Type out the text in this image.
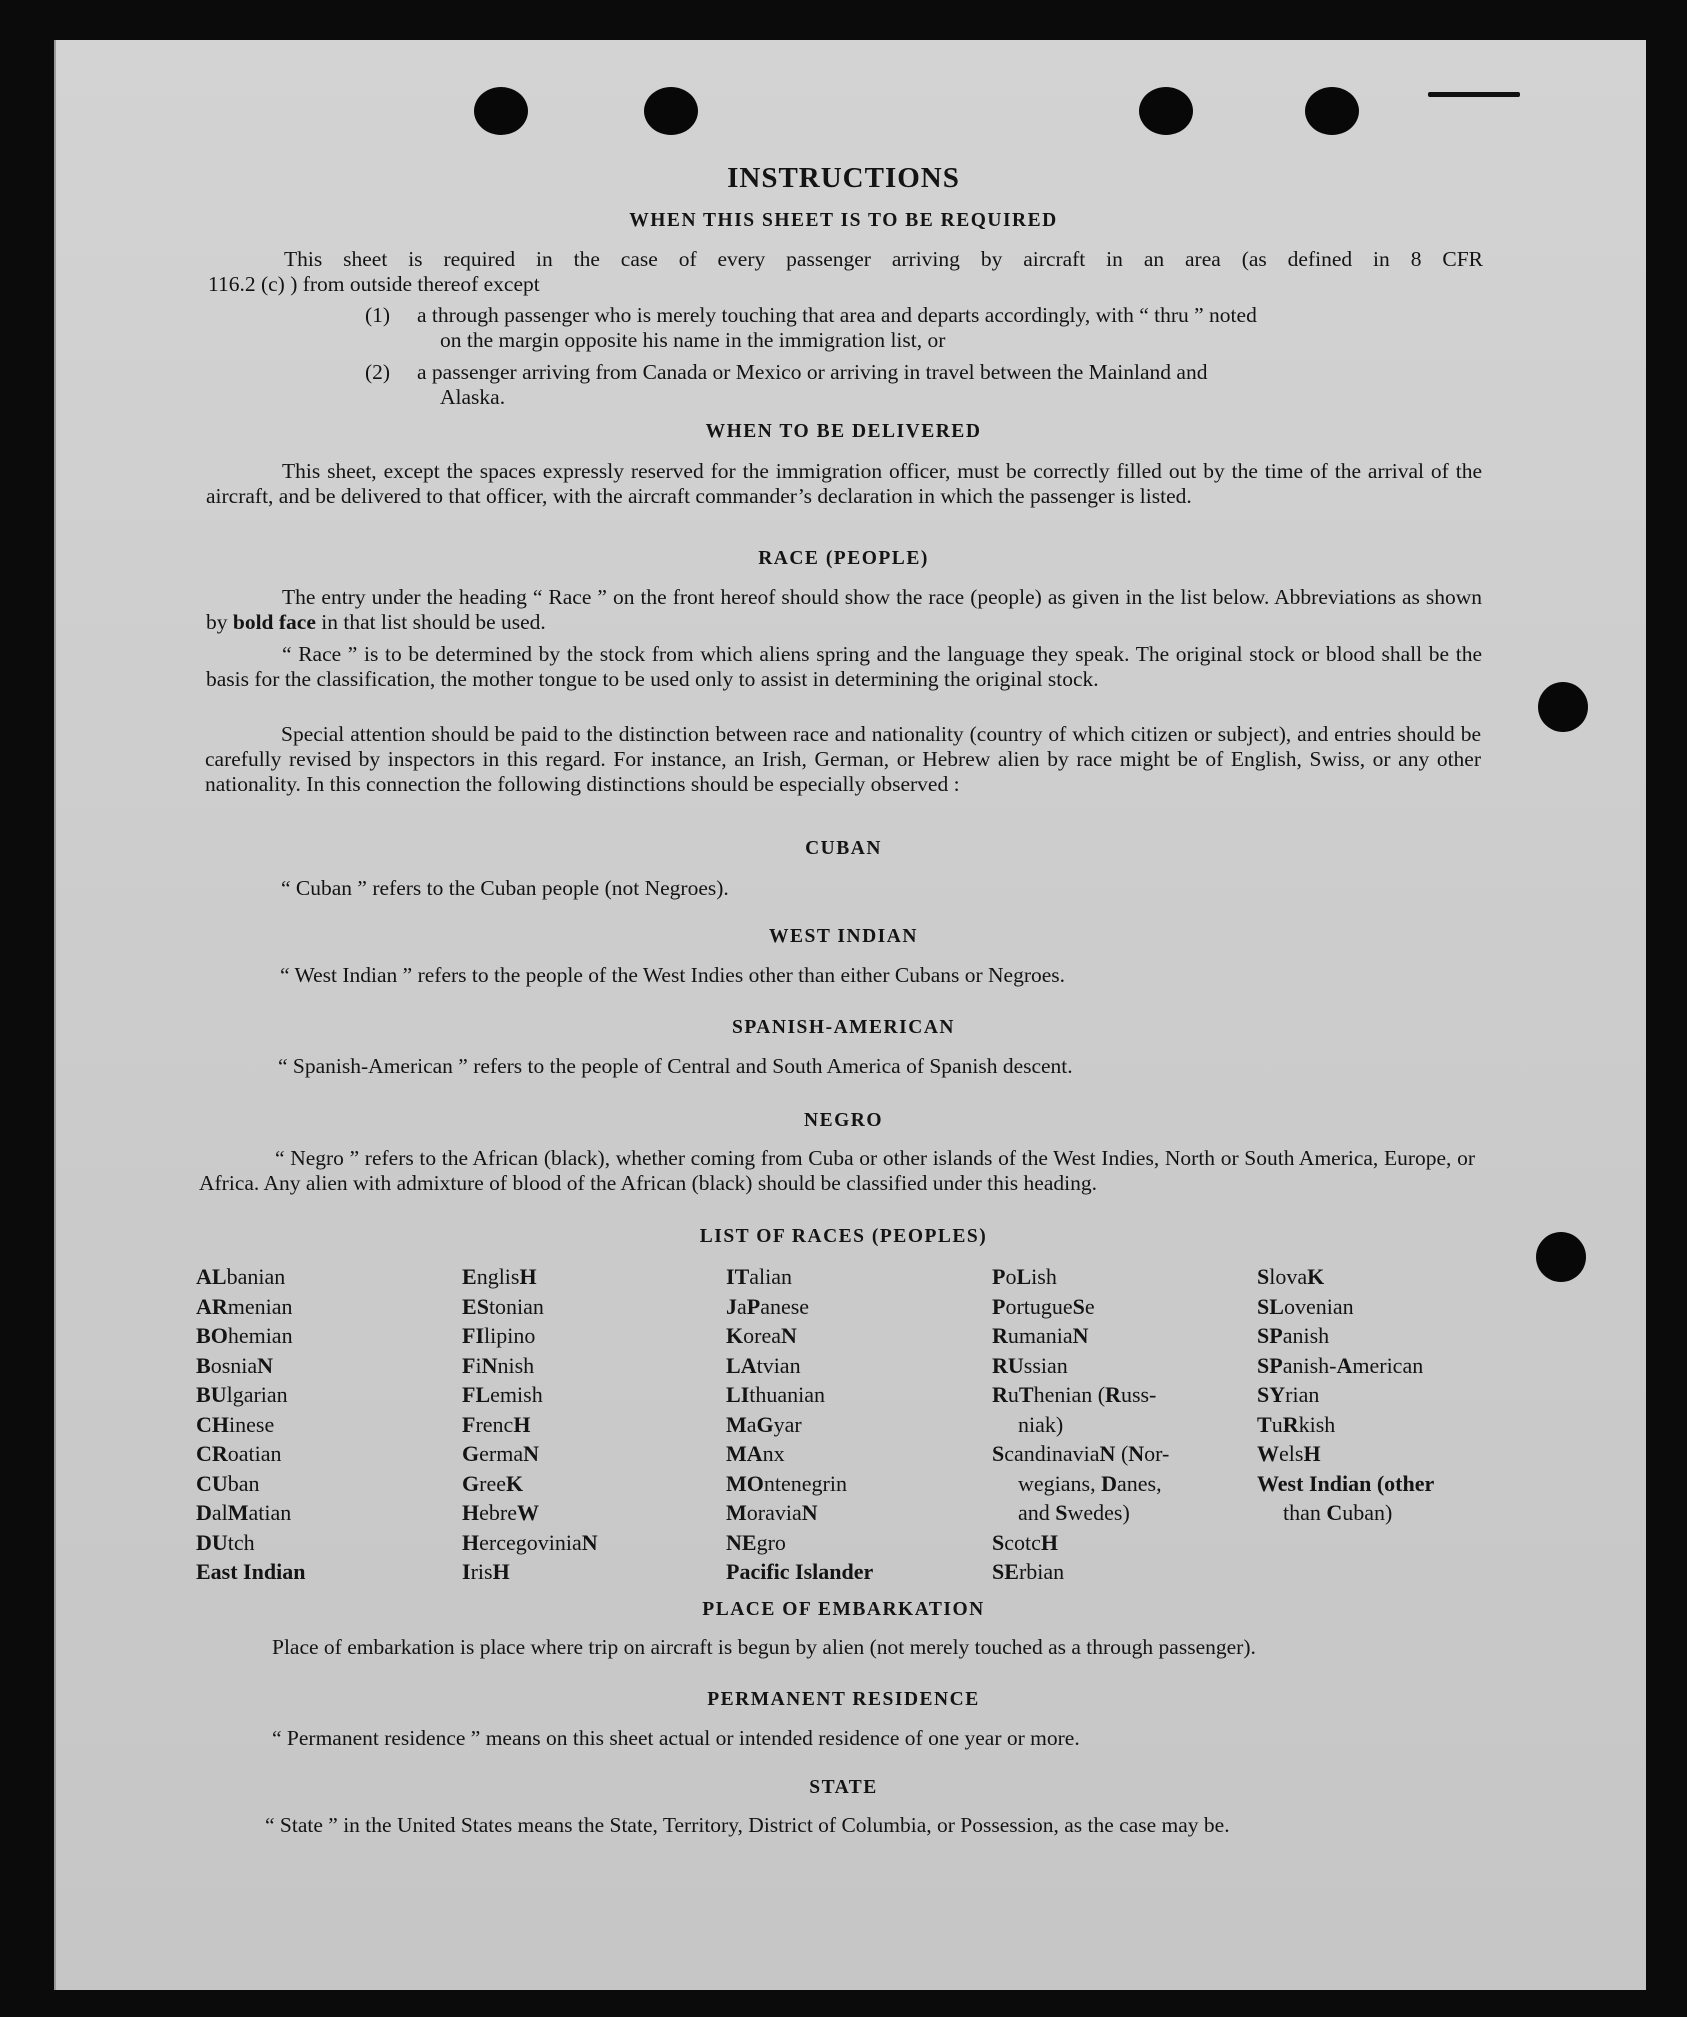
INSTRUCTIONS
WHEN THIS SHEET IS TO BE REQUIRED
This sheet is required in the case of every passenger arriving by aircraft in an area (as defined in 8 CFR
116.2 (c) ) from outside thereof except
(1) a through passenger who is merely touching that area and departs accordingly, with “ thru ” noted
on the margin opposite his name in the immigration list, or
(2) a passenger arriving from Canada or Mexico or arriving in travel between the Mainland and
Alaska.
WHEN TO BE DELIVERED
This sheet, except the spaces expressly reserved for the immigration officer, must be correctly filled out by the time of the arrival of the aircraft, and be delivered to that officer, with the aircraft commander’s declaration in which the passenger is listed.
RACE (PEOPLE)
The entry under the heading “ Race ” on the front hereof should show the race (people) as given in the list below. Abbreviations as shown by bold face in that list should be used.
“ Race ” is to be determined by the stock from which aliens spring and the language they speak. The original stock or blood shall be the basis for the classification, the mother tongue to be used only to assist in determining the original stock.
Special attention should be paid to the distinction between race and nationality (country of which citizen or subject), and entries should be carefully revised by inspectors in this regard. For instance, an Irish, German, or Hebrew alien by race might be of English, Swiss, or any other nationality. In this connection the following distinctions should be especially observed :
CUBAN
“ Cuban ” refers to the Cuban people (not Negroes).
WEST INDIAN
“ West Indian ” refers to the people of the West Indies other than either Cubans or Negroes.
SPANISH-AMERICAN
“ Spanish-American ” refers to the people of Central and South America of Spanish descent.
NEGRO
“ Negro ” refers to the African (black), whether coming from Cuba or other islands of the West Indies, North or South America, Europe, or Africa. Any alien with admixture of blood of the African (black) should be classified under this heading.
LIST OF RACES (PEOPLES)
ALbanian
ARmenian
BOhemian
BosniaN
BUlgarian
CHinese
CRoatian
CUban
DalMatian
DUtch
East Indian
EnglisH
EStonian
FIlipino
FiNnish
FLemish
FrencH
GermaN
GreeK
HebreW
HercegoviniaN
IrisH
ITalian
JaPanese
KoreaN
LAtvian
LIthuanian
MaGyar
MAnx
MOntenegrin
MoraviaN
NEgro
Pacific Islander
PoLish
PortugueSe
RumaniaN
RUssian
RuThenian (Russ-
niak)
ScandinaviaN (Nor-
wegians, Danes,
and Swedes)
ScotcH
SErbian
SlovaK
SLovenian
SPanish
SPanish-American
SYrian
TuRkish
WelsH
West Indian (other
than Cuban)
PLACE OF EMBARKATION
Place of embarkation is place where trip on aircraft is begun by alien (not merely touched as a through passenger).
PERMANENT RESIDENCE
“ Permanent residence ” means on this sheet actual or intended residence of one year or more.
STATE
“ State ” in the United States means the State, Territory, District of Columbia, or Possession, as the case may be.
